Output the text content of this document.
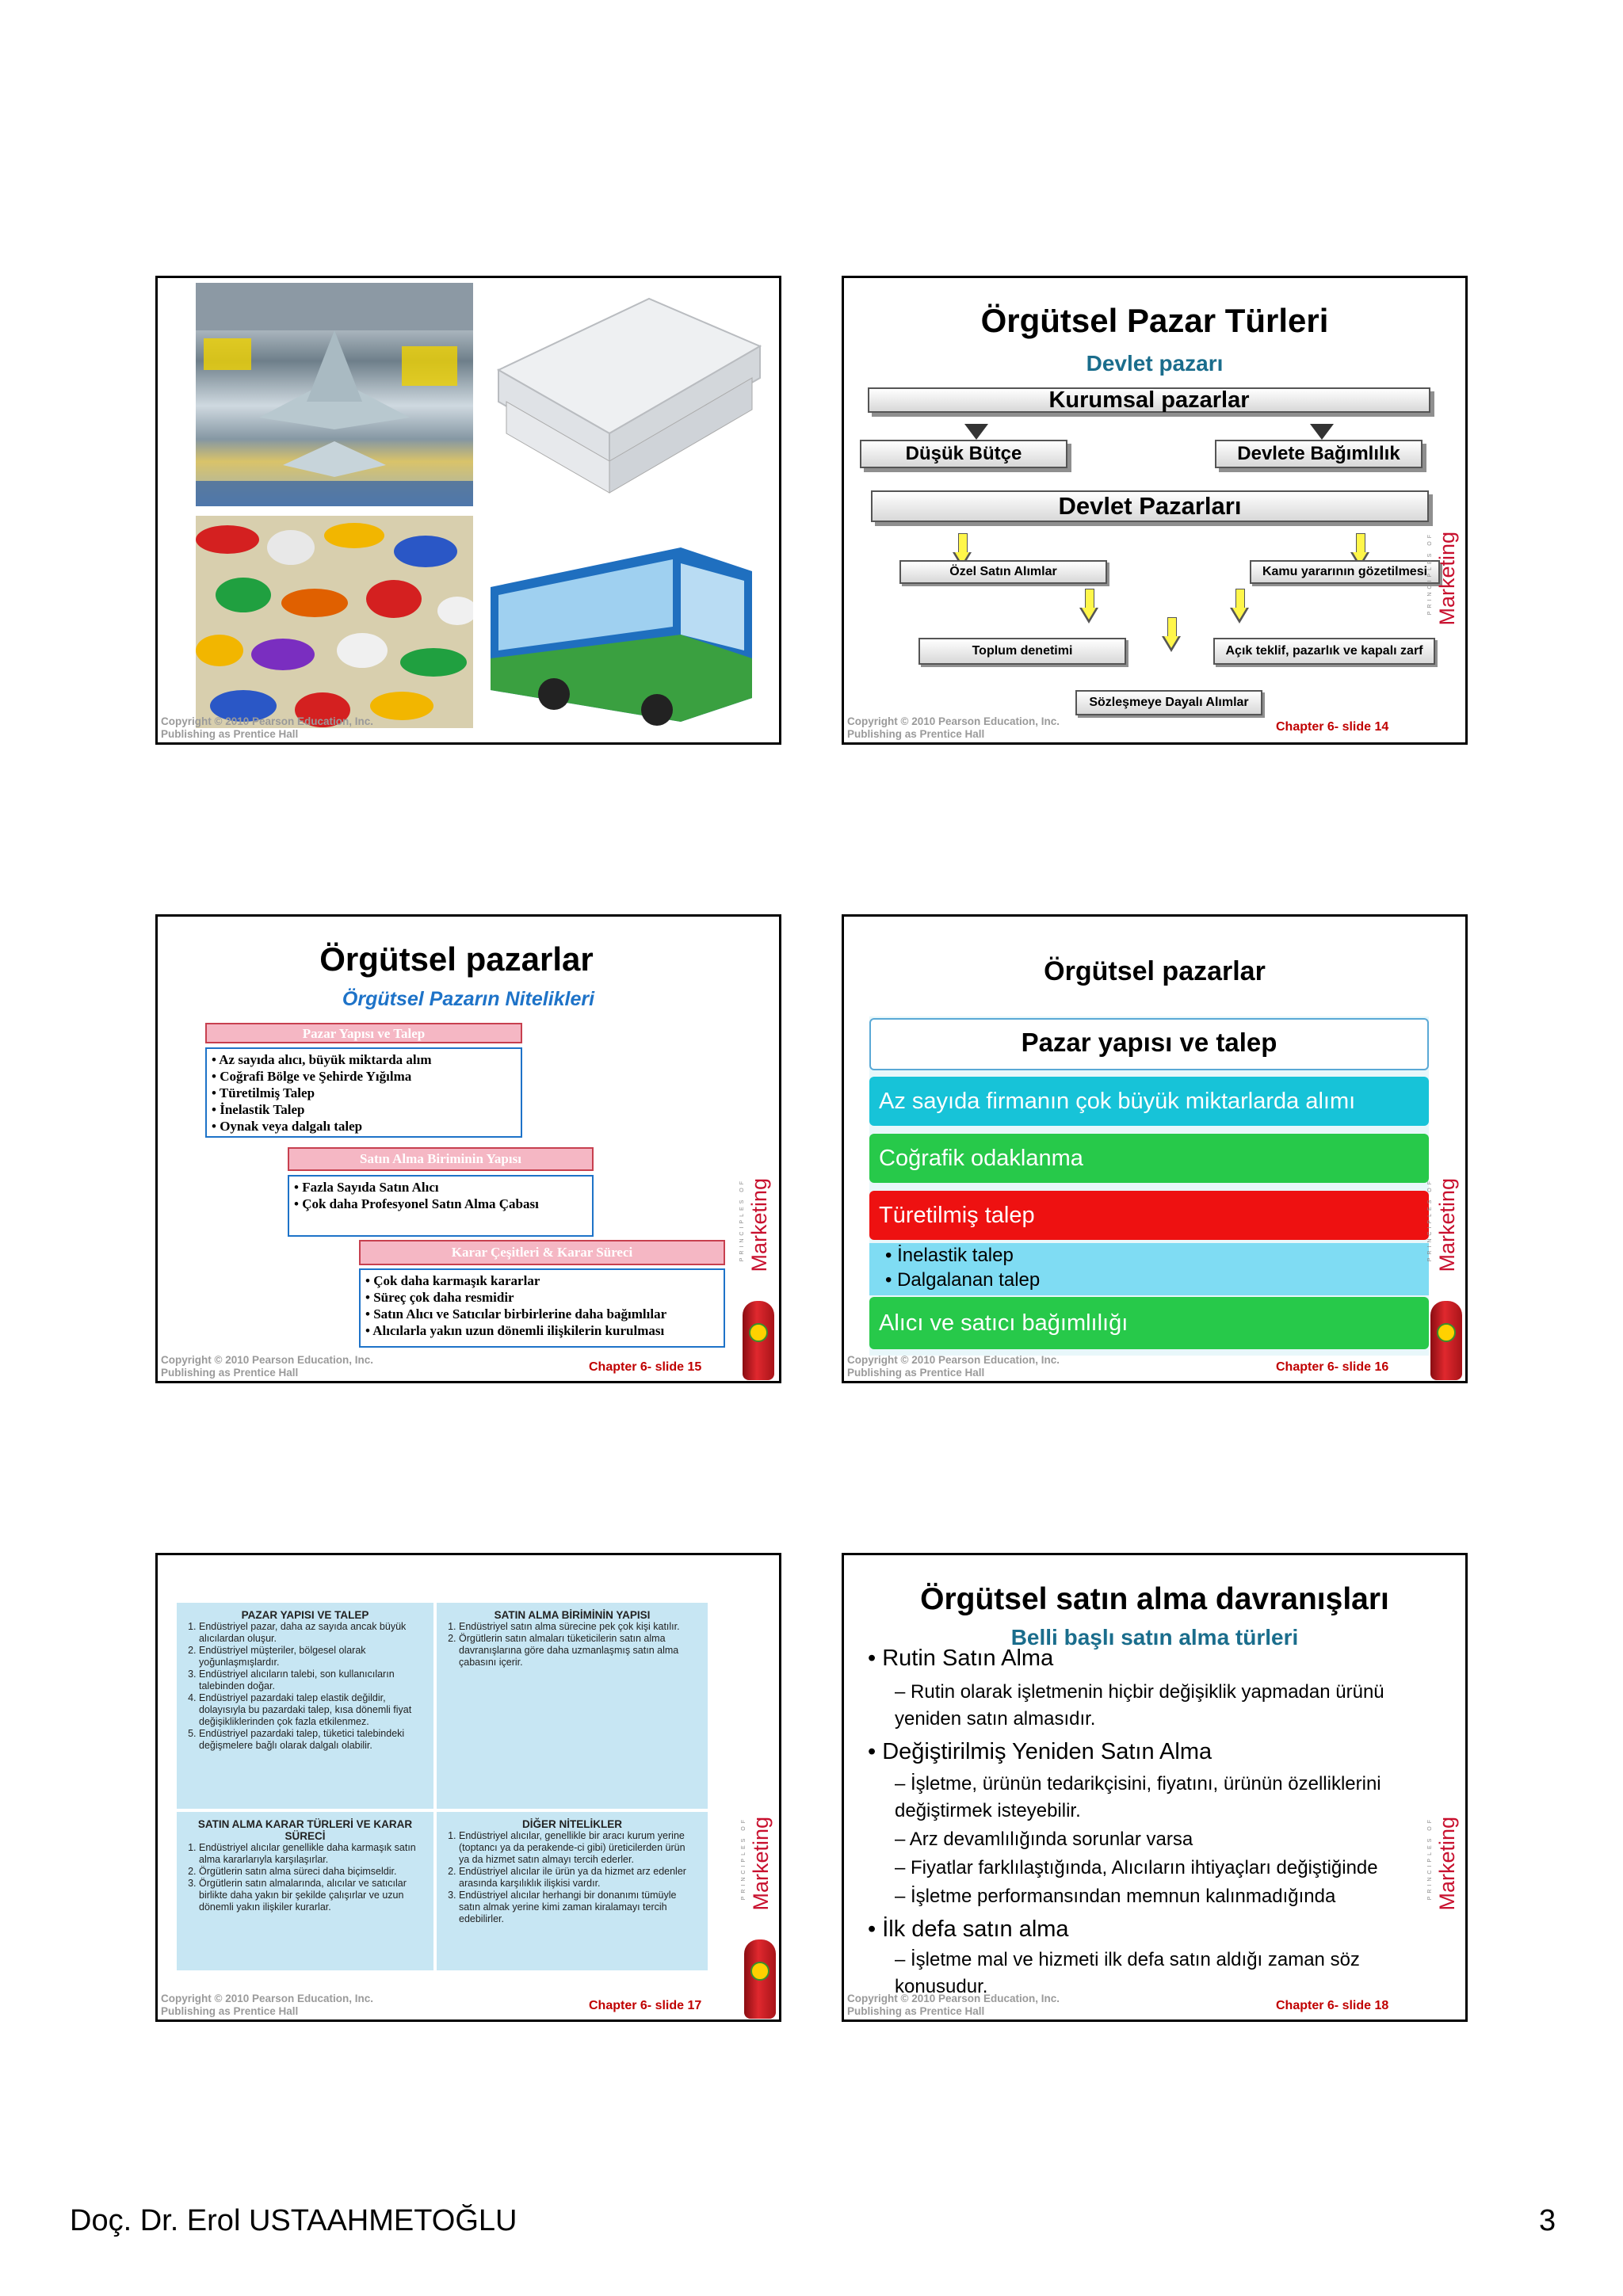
Copyright © 2010 Pearson Education, Inc.
Publishing as Prentice Hall
Örgütsel Pazar Türleri
Devlet pazarı
Kurumsal pazarlar
Düşük Bütçe	Devlete Bağımlılık
Devlet Pazarları
Özel Satın Alımlar	Kamu yararının gözetilmesi
Toplum denetimi	Açık teklif, pazarlık ve kapalı zarf
Sözleşmeye Dayalı Alımlar
PRINCIPLES OF Marketing
Copyright © 2010 Pearson Education, Inc.
Publishing as Prentice Hall
Chapter 6- slide 14
Örgütsel pazarlar
Örgütsel Pazarın Nitelikleri
Pazar Yapısı ve Talep
• Az sayıda alıcı, büyük miktarda alım
• Coğrafi Bölge ve Şehirde Yığılma
• Türetilmiş Talep
• İnelastik Talep
• Oynak veya dalgalı talep
Satın Alma Biriminin Yapısı
• Fazla Sayıda Satın Alıcı
• Çok daha Profesyonel Satın Alma Çabası
Karar Çeşitleri & Karar Süreci
• Çok daha karmaşık kararlar
• Süreç çok daha resmidir
• Satın Alıcı ve Satıcılar birbirlerine daha bağımlılar
• Alıcılarla yakın uzun dönemli ilişkilerin kurulması
PRINCIPLES OF Marketing
Copyright © 2010 Pearson Education, Inc.
Publishing as Prentice Hall	Chapter 6- slide 15
Örgütsel pazarlar
Pazar yapısı ve talep
Az sayıda firmanın çok büyük miktarlarda alımı
Coğrafik odaklanma
Türetilmiş talep
• İnelastik talep
• Dalgalanan talep
Alıcı ve satıcı bağımlılığı
PRINCIPLES OF Marketing
Copyright © 2010 Pearson Education, Inc.
Publishing as Prentice Hall	Chapter 6- slide 16
PAZAR YAPISI VE TALEP
1. Endüstriyel pazar, daha az sayıda ancak büyük alıcılardan oluşur.
2. Endüstriyel müşteriler, bölgesel olarak yoğunlaşmışlardır.
3. Endüstriyel alıcıların talebi, son kullanıcıların talebinden doğar.
4. Endüstriyel pazardaki talep elastik değildir, dolayısıyla bu pazardaki talep, kısa dönemli fiyat değişikliklerinden çok fazla etkilenmez.
5. Endüstriyel pazardaki talep, tüketici talebindeki değişmelere bağlı olarak dalgalı olabilir.
SATIN ALMA BİRİMİNİN YAPISI
1. Endüstriyel satın alma sürecine pek çok kişi katılır.
2. Örgütlerin satın almaları tüketicilerin satın alma davranışlarına göre daha uzmanlaşmış satın alma çabasını içerir.
SATIN ALMA KARAR TÜRLERİ VE KARAR SÜRECİ
1. Endüstriyel alıcılar genellikle daha karmaşık satın alma kararlarıyla karşılaşırlar.
2. Örgütlerin satın alma süreci daha biçimseldir.
3. Örgütlerin satın almalarında, alıcılar ve satıcılar birlikte daha yakın bir şekilde çalışırlar ve uzun dönemli yakın ilişkiler kurarlar.
DİĞER NİTELİKLER
1. Endüstriyel alıcılar, genellikle bir aracı kurum yerine (toptancı ya da perakende-ci gibi) üreticilerden ürün ya da hizmet satın almayı tercih ederler.
2. Endüstriyel alıcılar ile ürün ya da hizmet arz edenler arasında karşılıklık ilişkisi vardır.
3. Endüstriyel alıcılar herhangi bir donanımı tümüyle satın almak yerine kimi zaman kiralamayı tercih edebilirler.
PRINCIPLES OF Marketing
Copyright © 2010 Pearson Education, Inc.
Publishing as Prentice Hall	Chapter 6- slide 17
Örgütsel satın alma davranışları
Belli başlı satın alma türleri
• Rutin Satın Alma
– Rutin olarak işletmenin hiçbir değişiklik yapmadan ürünü yeniden satın almasıdır.
• Değiştirilmiş Yeniden Satın Alma
– İşletme, ürünün tedarikçisini, fiyatını, ürünün özelliklerini değiştirmek isteyebilir.
– Arz devamlılığında sorunlar varsa
– Fiyatlar farklılaştığında, Alıcıların ihtiyaçları değiştiğinde
– İşletme performansından memnun kalınmadığında
• İlk defa satın alma
– İşletme mal ve hizmeti ilk defa satın aldığı zaman söz konusudur.
PRINCIPLES OF Marketing
Copyright © 2010 Pearson Education, Inc.
Publishing as Prentice Hall	Chapter 6- slide 18
Doç. Dr. Erol USTAAHMETOĞLU	3
